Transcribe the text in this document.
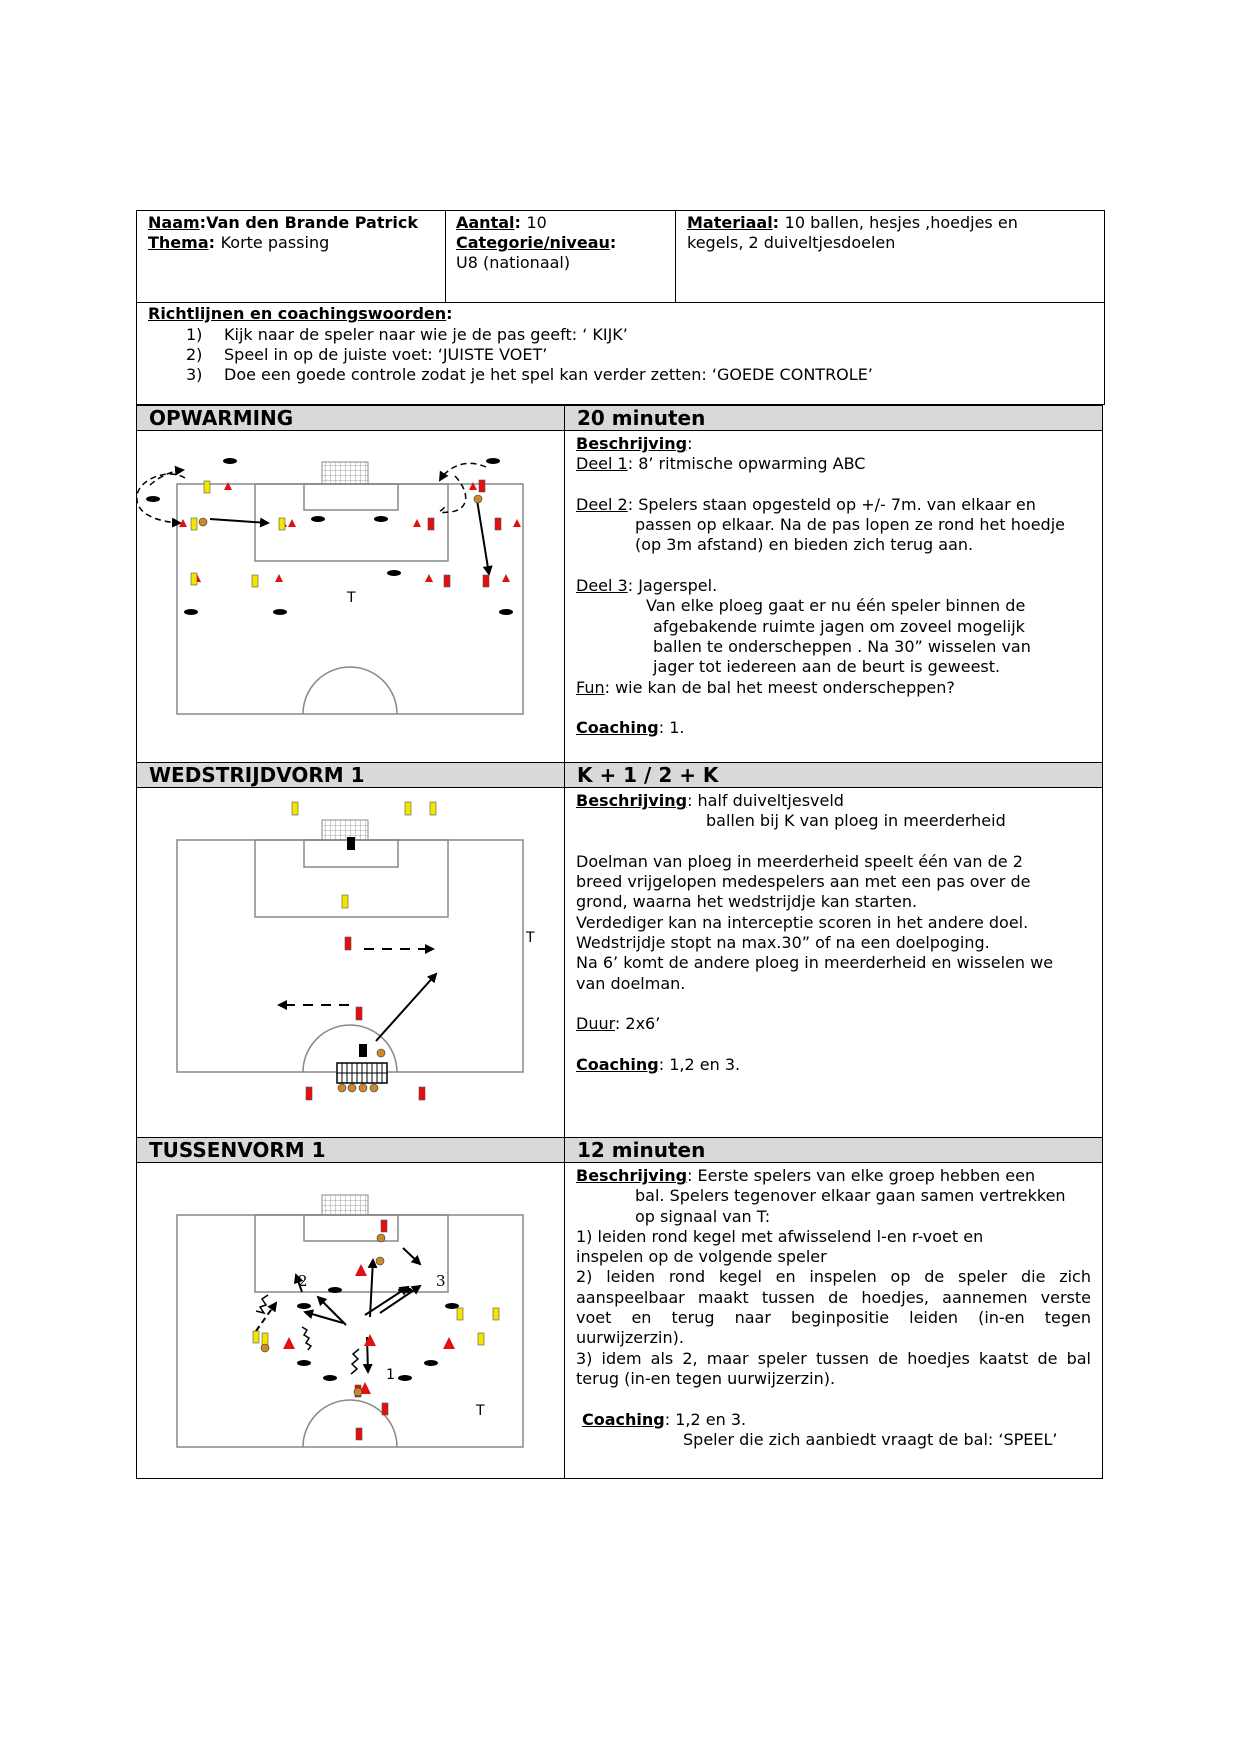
Naam:Van den Brande Patrick
Thema: Korte passing
Aantal: 10
Categorie/niveau:
U8 (nationaal)
Materiaal: 10 ballen, hesjes ,hoedjes en
kegels, 2 duiveltjesdoelen
Richtlijnen en coachingswoorden:
1) Kijk naar de speler naar wie je de pas geeft: ‘ KIJK’
2) Speel in op de juiste voet: ‘JUISTE VOET’
3) Doe een goede controle zodat je het spel kan verder zetten: ‘GOEDE CONTROLE’
OPWARMING	20 minuten
WEDSTRIJDVORM 1	K + 1 / 2 + K
TUSSENVORM 1	12 minuten
Beschrijving:
Deel 1: 8’ ritmische opwarming ABC
Deel 2: Spelers staan opgesteld op +/- 7m. van elkaar en
passen op elkaar. Na de pas lopen ze rond het hoedje
(op 3m afstand) en bieden zich terug aan.
Deel 3: Jagerspel.
Van elke ploeg gaat er nu één speler binnen de
afgebakende ruimte jagen om zoveel mogelijk
ballen te onderscheppen . Na 30” wisselen van
jager tot iedereen aan de beurt is geweest.
Fun: wie kan de bal het meest onderscheppen?
Coaching: 1.
Beschrijving: half duiveltjesveld
ballen bij K van ploeg in meerderheid
Doelman van ploeg in meerderheid speelt één van de 2
breed vrijgelopen medespelers aan met een pas over de
grond, waarna het wedstrijdje kan starten.
Verdediger kan na interceptie scoren in het andere doel.
Wedstrijdje stopt na max.30” of na een doelpoging.
Na 6’ komt de andere ploeg in meerderheid en wisselen we
van doelman.
Duur: 2x6’
Coaching: 1,2 en 3.
Beschrijving: Eerste spelers van elke groep hebben een
bal. Spelers tegenover elkaar gaan samen vertrekken
op signaal van T:
1) leiden rond kegel met afwisselend l-en r-voet en
inspelen op de volgende speler
2) leiden rond kegel en inspelen op de speler die zich
aanspeelbaar maakt tussen de hoedjes, aannemen verste
voet en terug naar beginpositie leiden (in-en tegen
uurwijzerzin).
3) idem als 2, maar speler tussen de hoedjes kaatst de bal
terug (in-en tegen uurwijzerzin).
Coaching: 1,2 en 3.
Speler die zich aanbiedt vraagt de bal: ‘SPEEL’
T
T
2	3
1
T
